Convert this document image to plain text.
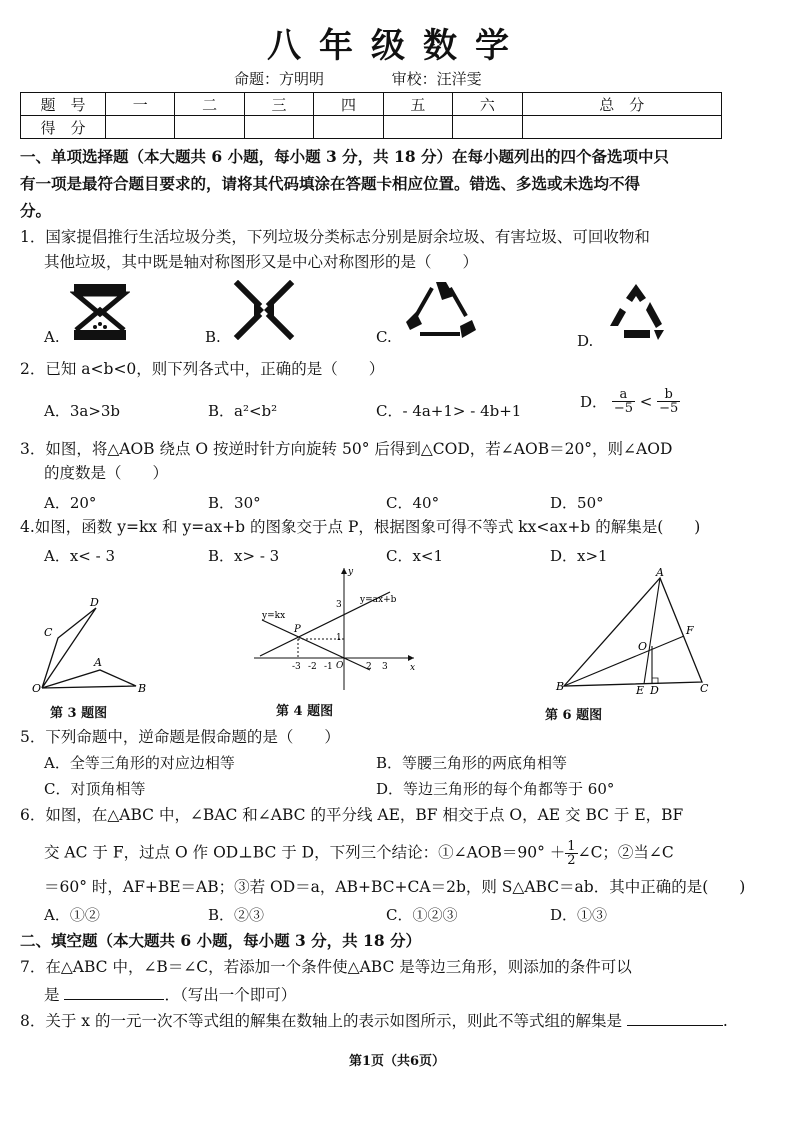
八年级数学
命题：方明明	审校：汪洋雯
题　号	一	二	三	四	五	六	总　分
得　分							
一、单项选择题（本大题共 6 小题，每小题 3 分，共 18 分）在每小题列出的四个备选项中只
有一项是最符合题目要求的，请将其代码填涂在答题卡相应位置。错选、多选或未选均不得
分。
1．国家提倡推行生活垃圾分类，下列垃圾分类标志分别是厨余垃圾、有害垃圾、可回收物和
其他垃圾，其中既是轴对称图形又是中心对称图形的是（　　）
A.	B.	C.	D.
2．已知 a<b<0，则下列各式中，正确的是（　　）
A．3a>3b	B．a²<b²	C．- 4a+1> - 4b+1	D． $\frac{a}{-5} < \frac{b}{-5}$
3．如图，将△AOB 绕点 O 按逆时针方向旋转 50° 后得到△COD，若∠AOB＝20°，则∠AOD
的度数是（　　）
A．20°	B．30°	C．40°	D．50°
4.如图，函数 y=kx 和 y=ax+b 的图象交于点 P，根据图象可得不等式 kx<ax+b 的解集是(　　)
A．x< - 3	B．x> - 3	C．x<1	D．x>1
D
C
A
O	B
第 3 题图
y
x
y=ax+b
y=kx
P
3
1
-3 -2 -1 O	2 3
第 4 题图
A
F
O
B	E D	C
第 6 题图
5．下列命题中，逆命题是假命题的是（　　）
A．全等三角形的对应边相等	B．等腰三角形的两底角相等
C．对顶角相等	D．等边三角形的每个角都等于 60°
6．如图，在△ABC 中，∠BAC 和∠ABC 的平分线 AE，BF 相交于点 O，AE 交 BC 于 E，BF
交 AC 于 F，过点 O 作 OD⊥BC 于 D，下列三个结论：①∠AOB＝90° ＋ $\frac{1}{2}$ ∠C；②当∠C
＝60° 时，AF+BE＝AB；③若 OD＝a，AB+BC+CA＝2b，则 S△ABC＝ab．其中正确的是(　　)
A．①②	B．②③	C．①②③	D．①③
二、填空题（本大题共 6 小题，每小题 3 分，共 18 分）
7．在△ABC 中，∠B＝∠C，若添加一个条件使△ABC 是等边三角形，则添加的条件可以
是	．（写出一个即可）
8．关于 x 的一元一次不等式组的解集在数轴上的表示如图所示，则此不等式组的解集是	.
第1页（共6页）
